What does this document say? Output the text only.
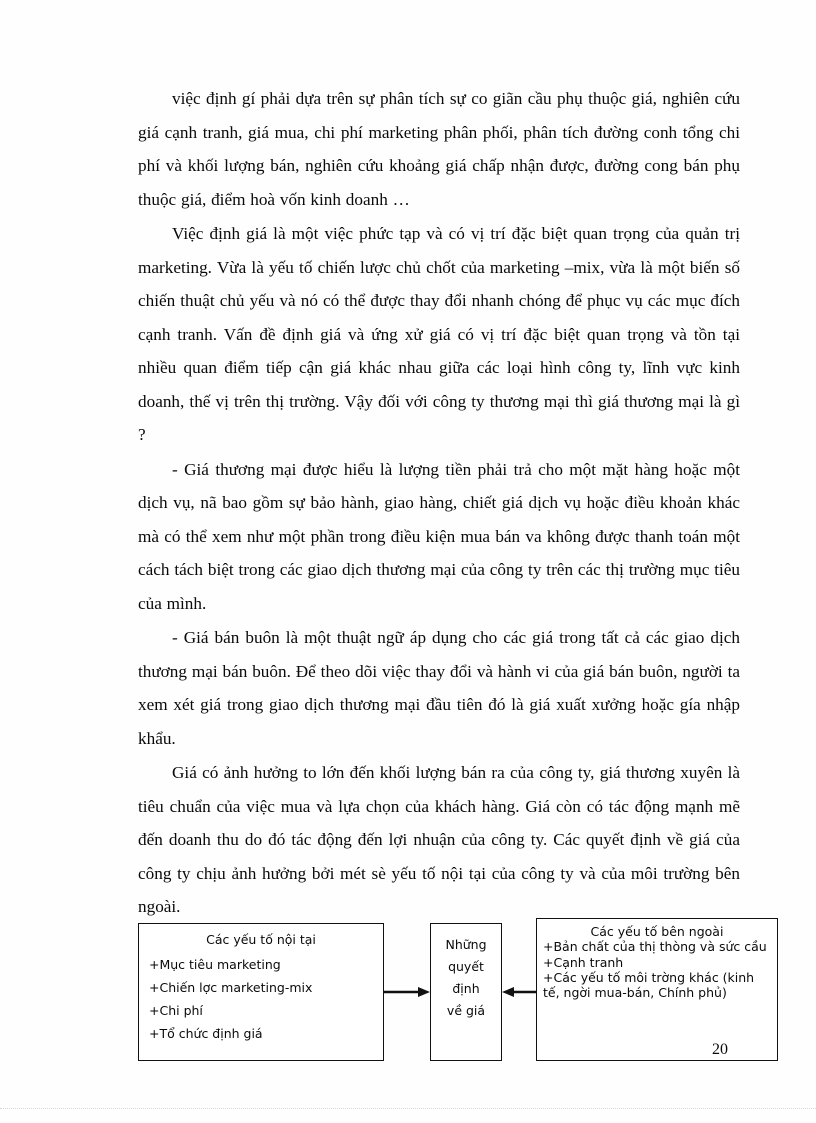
việc định gí phải dựa trên sự phân tích sự co giãn cầu phụ thuộc giá, nghiên cứu giá cạnh tranh, giá mua, chi phí marketing phân phối, phân tích đường conh tổng chi phí và khối lượng bán, nghiên cứu khoảng giá chấp nhận được, đường cong bán phụ thuộc giá, điểm hoà vốn kinh doanh …

Việc định giá là một việc phức tạp và có vị trí đặc biệt quan trọng của quản trị marketing. Vừa là yếu tố chiến lược chủ chốt của marketing –mix, vừa là một biến số chiến thuật chủ yếu và nó có thể được thay đổi nhanh chóng để phục vụ các mục đích cạnh tranh. Vấn đề định giá và ứng xử giá có vị trí đặc biệt quan trọng và tồn tại nhiều quan điểm tiếp cận giá khác nhau giữa các loại hình công ty, lĩnh vực kinh doanh, thế vị trên thị trường. Vậy đối với công ty thương mại thì giá thương mại là gì ?

- Giá thương mại được hiểu là lượng tiền phải trả cho một mặt hàng hoặc một dịch vụ, nã bao gồm sự bảo hành, giao hàng, chiết giá dịch vụ hoặc điều khoản khác mà có thể xem như một phần trong điều kiện mua bán va không được thanh toán một cách tách biệt trong các giao dịch thương mại của công ty trên các thị trường mục tiêu của mình.

- Giá bán buôn là một thuật ngữ áp dụng cho các giá trong tất cả các giao dịch thương mại bán buôn. Để theo dõi việc thay đổi và hành vi của giá bán buôn, người ta xem xét giá trong giao dịch thương mại đầu tiên đó là giá xuất xưởng hoặc gía nhập khẩu.

Giá có ảnh hưởng to lớn đến khối lượng bán ra của công ty, giá thương xuyên là tiêu chuẩn của việc mua và lựa chọn của khách hàng. Giá còn có tác động mạnh mẽ đến doanh thu do đó tác động đến lợi nhuận của công ty. Các quyết định về giá của công ty chịu ảnh hưởng bởi mét sè yếu tố nội tại của công ty và của môi trường bên ngoài.

Các yếu tố nội tại
+Mục tiêu marketing
+Chiến lợc marketing-mix
+Chi phí
+Tổ chức định giá
Những
quyết
định
về giá
Các yếu tố bên ngoài
+Bản chất của thị thòng và sức cầu
+Cạnh tranh
+Các yếu tố môi trờng khác (kinh tế, ngời mua-bán, Chính phủ)
20
